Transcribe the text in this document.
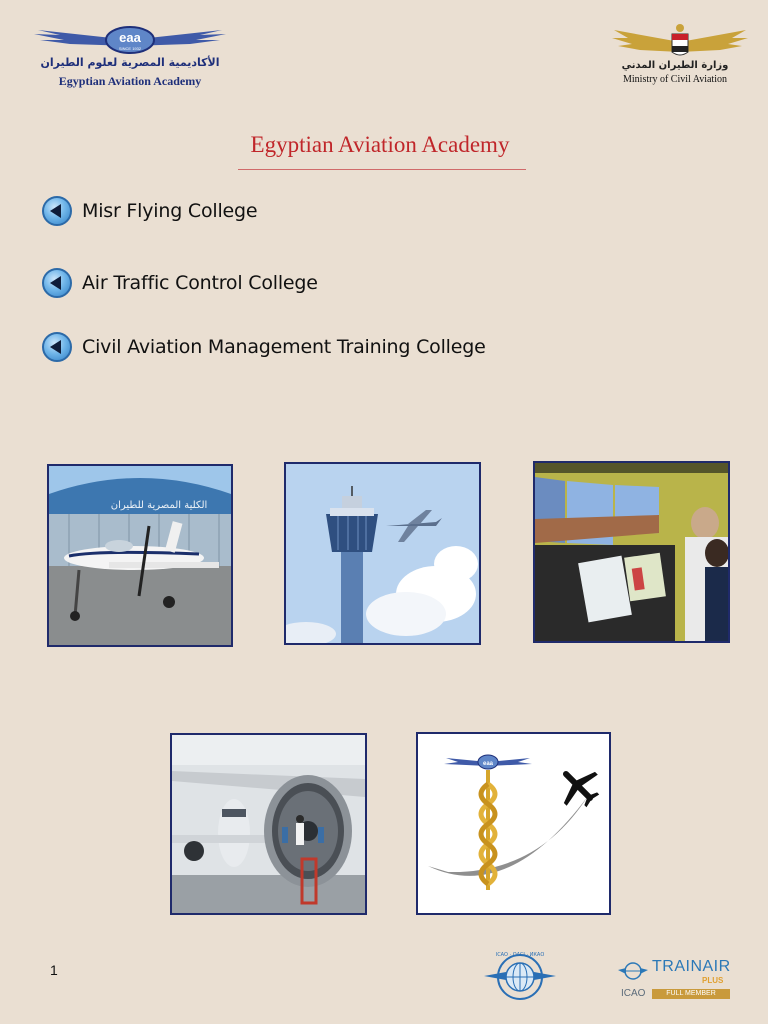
eaa
SINCE 1932
الأكاديمية المصرية لعلوم الطيران
Egyptian Aviation Academy
وزارة الطيران المدني
Ministry of Civil Aviation
Egyptian Aviation Academy
Misr Flying College
Air Traffic Control College
Civil Aviation Management Training College
الكلية المصرية للطيران
eaa
1
ICAO · OACI · ИКАО
TRAINAIR
PLUS
ICAO	FULL MEMBER
